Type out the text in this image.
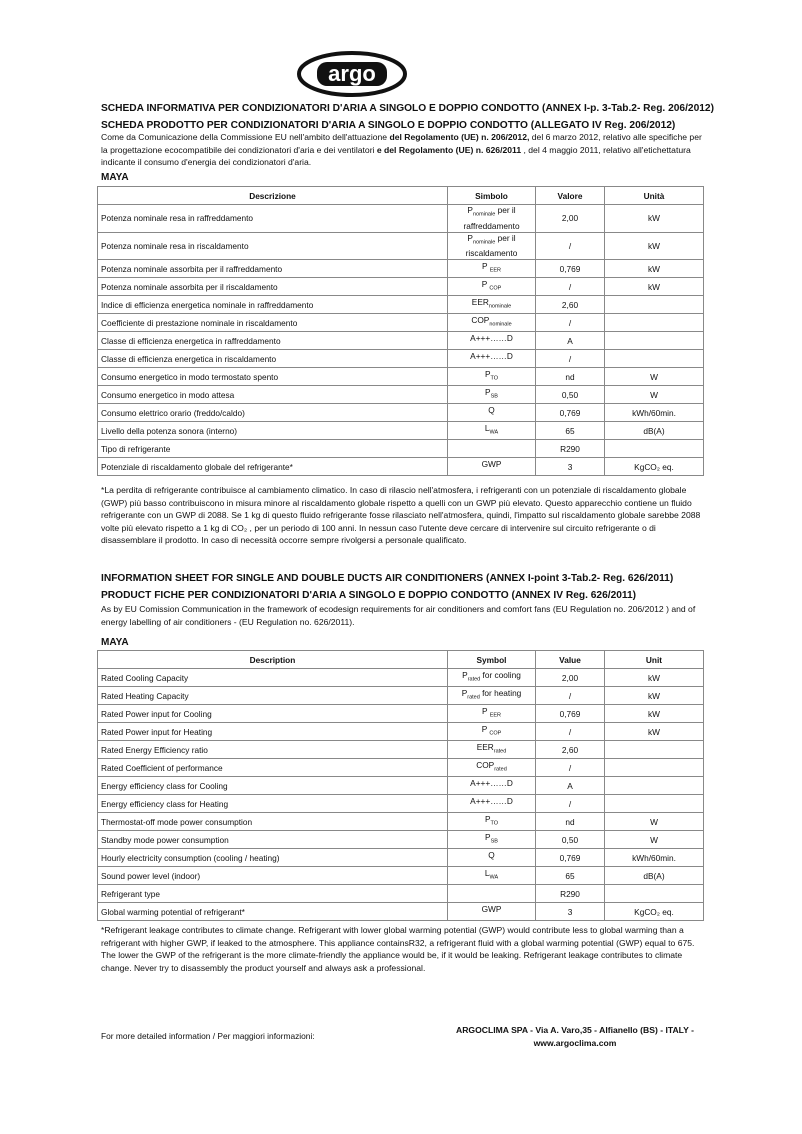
argo
SCHEDA INFORMATIVA PER CONDIZIONATORI D'ARIA A SINGOLO E DOPPIO CONDOTTO (ANNEX I-p. 3-Tab.2- Reg. 206/2012)
SCHEDA PRODOTTO PER CONDIZIONATORI D'ARIA A SINGOLO E DOPPIO CONDOTTO (ALLEGATO IV Reg. 206/2012)
Come da Comunicazione della Commissione EU nell'ambito dell'attuazione del Regolamento (UE) n. 206/2012, del 6 marzo 2012, relativo alle specifiche per la progettazione ecocompatibile dei condizionatori d'aria e dei ventilatori e del Regolamento (UE) n. 626/2011 , del 4 maggio 2011, relativo all'etichettatura indicante il consumo d'energia dei condizionatori d'aria.
MAYA
Descrizione	Simbolo	Valore	Unità
Potenza nominale resa in raffreddamento	$P_{nominale}$ per il raffreddamento	2,00	kW
Potenza nominale resa in riscaldamento	$P_{nominale}$ per il riscaldamento	/	kW
Potenza nominale assorbita per il raffreddamento	P $_{EER}$	0,769	kW
Potenza nominale assorbita per il riscaldamento	P $_{COP}$	/	kW
Indice di efficienza energetica nominale in raffreddamento	$EER_{nominale}$	2,60	
Coefficiente di prestazione nominale in riscaldamento	$COP_{nominale}$	/	
Classe di efficienza energetica in raffreddamento	A+++……D	A	
Classe di efficienza energetica in riscaldamento	A+++……D	/	
Consumo energetico in modo termostato spento	$P_{TO}$	nd	W
Consumo energetico in modo attesa	$P_{SB}$	0,50	W
Consumo elettrico orario (freddo/caldo)	Q	0,769	kWh/60min.
Livello della potenza sonora (interno)	$L_{WA}$	65	dB(A)
Tipo di refrigerante		R290	
Potenziale di riscaldamento globale del refrigerante*	GWP	3	KgCO₂ eq.
*La perdita di refrigerante contribuisce al cambiamento climatico. In caso di rilascio nell'atmosfera, i refrigeranti con un potenziale di riscaldamento globale (GWP) più basso contribuiscono in misura minore al riscaldamento globale rispetto a quelli con un GWP più elevato. Questo apparecchio contiene un fluido refrigerante con un GWP di 2088. Se 1 kg di questo fluido refrigerante fosse rilasciato nell'atmosfera, quindi, l'impatto sul riscaldamento globale sarebbe 2088 volte più elevato rispetto a 1 kg di CO₂ , per un periodo di 100 anni. In nessun caso l'utente deve cercare di intervenire sul circuito refrigerante o di disassemblare il prodotto. In caso di necessità occorre sempre rivolgersi a personale qualificato.
INFORMATION SHEET FOR SINGLE AND DOUBLE DUCTS AIR CONDITIONERS (ANNEX I-point 3-Tab.2- Reg. 626/2011)
PRODUCT FICHE PER CONDIZIONATORI D'ARIA A SINGOLO E DOPPIO CONDOTTO (ANNEX IV Reg. 626/2011)
As by EU Comission Communication in the framework of ecodesign requirements for air conditioners and comfort fans (EU Regulation no. 206/2012 ) and of energy labelling of air conditioners - (EU Regulation no. 626/2011).
MAYA
Description	Symbol	Value	Unit
Rated Cooling Capacity	$P_{rated}$ for cooling	2,00	kW
Rated Heating Capacity	$P_{rated}$ for heating	/	kW
Rated Power input for Cooling	P $_{EER}$	0,769	kW
Rated Power input for Heating	P $_{COP}$	/	kW
Rated Energy Efficiency ratio	$EER_{rated}$	2,60	
Rated Coefficient of performance	$COP_{rated}$	/	
Energy efficiency class for Cooling	A+++……D	A	
Energy efficiency class for Heating	A+++……D	/	
Thermostat-off mode power consumption	$P_{TO}$	nd	W
Standby mode power consumption	$P_{SB}$	0,50	W
Hourly electricity consumption (cooling / heating)	Q	0,769	kWh/60min.
Sound power level (indoor)	$L_{WA}$	65	dB(A)
Refrigerant type		R290	
Global warming potential of refrigerant*	GWP	3	KgCO₂ eq.
*Refrigerant leakage contributes to climate change. Refrigerant with lower global warming potential (GWP) would contribute less to global warming than a refrigerant with higher GWP, if leaked to the atmosphere. This appliance containsR32, a refrigerant fluid with a global warming potential (GWP) equal to 675. The lower the GWP of the refrigerant is the more climate-friendly the appliance would be, if it would be leaking. Refrigerant leakage contributes to climate change. Never try to disassembly the product yourself and always ask a professional.
For more detailed information / Per maggiori informazioni:
ARGOCLIMA SPA - Via A. Varo,35 - Alfianello (BS) - ITALY -
www.argoclima.com
